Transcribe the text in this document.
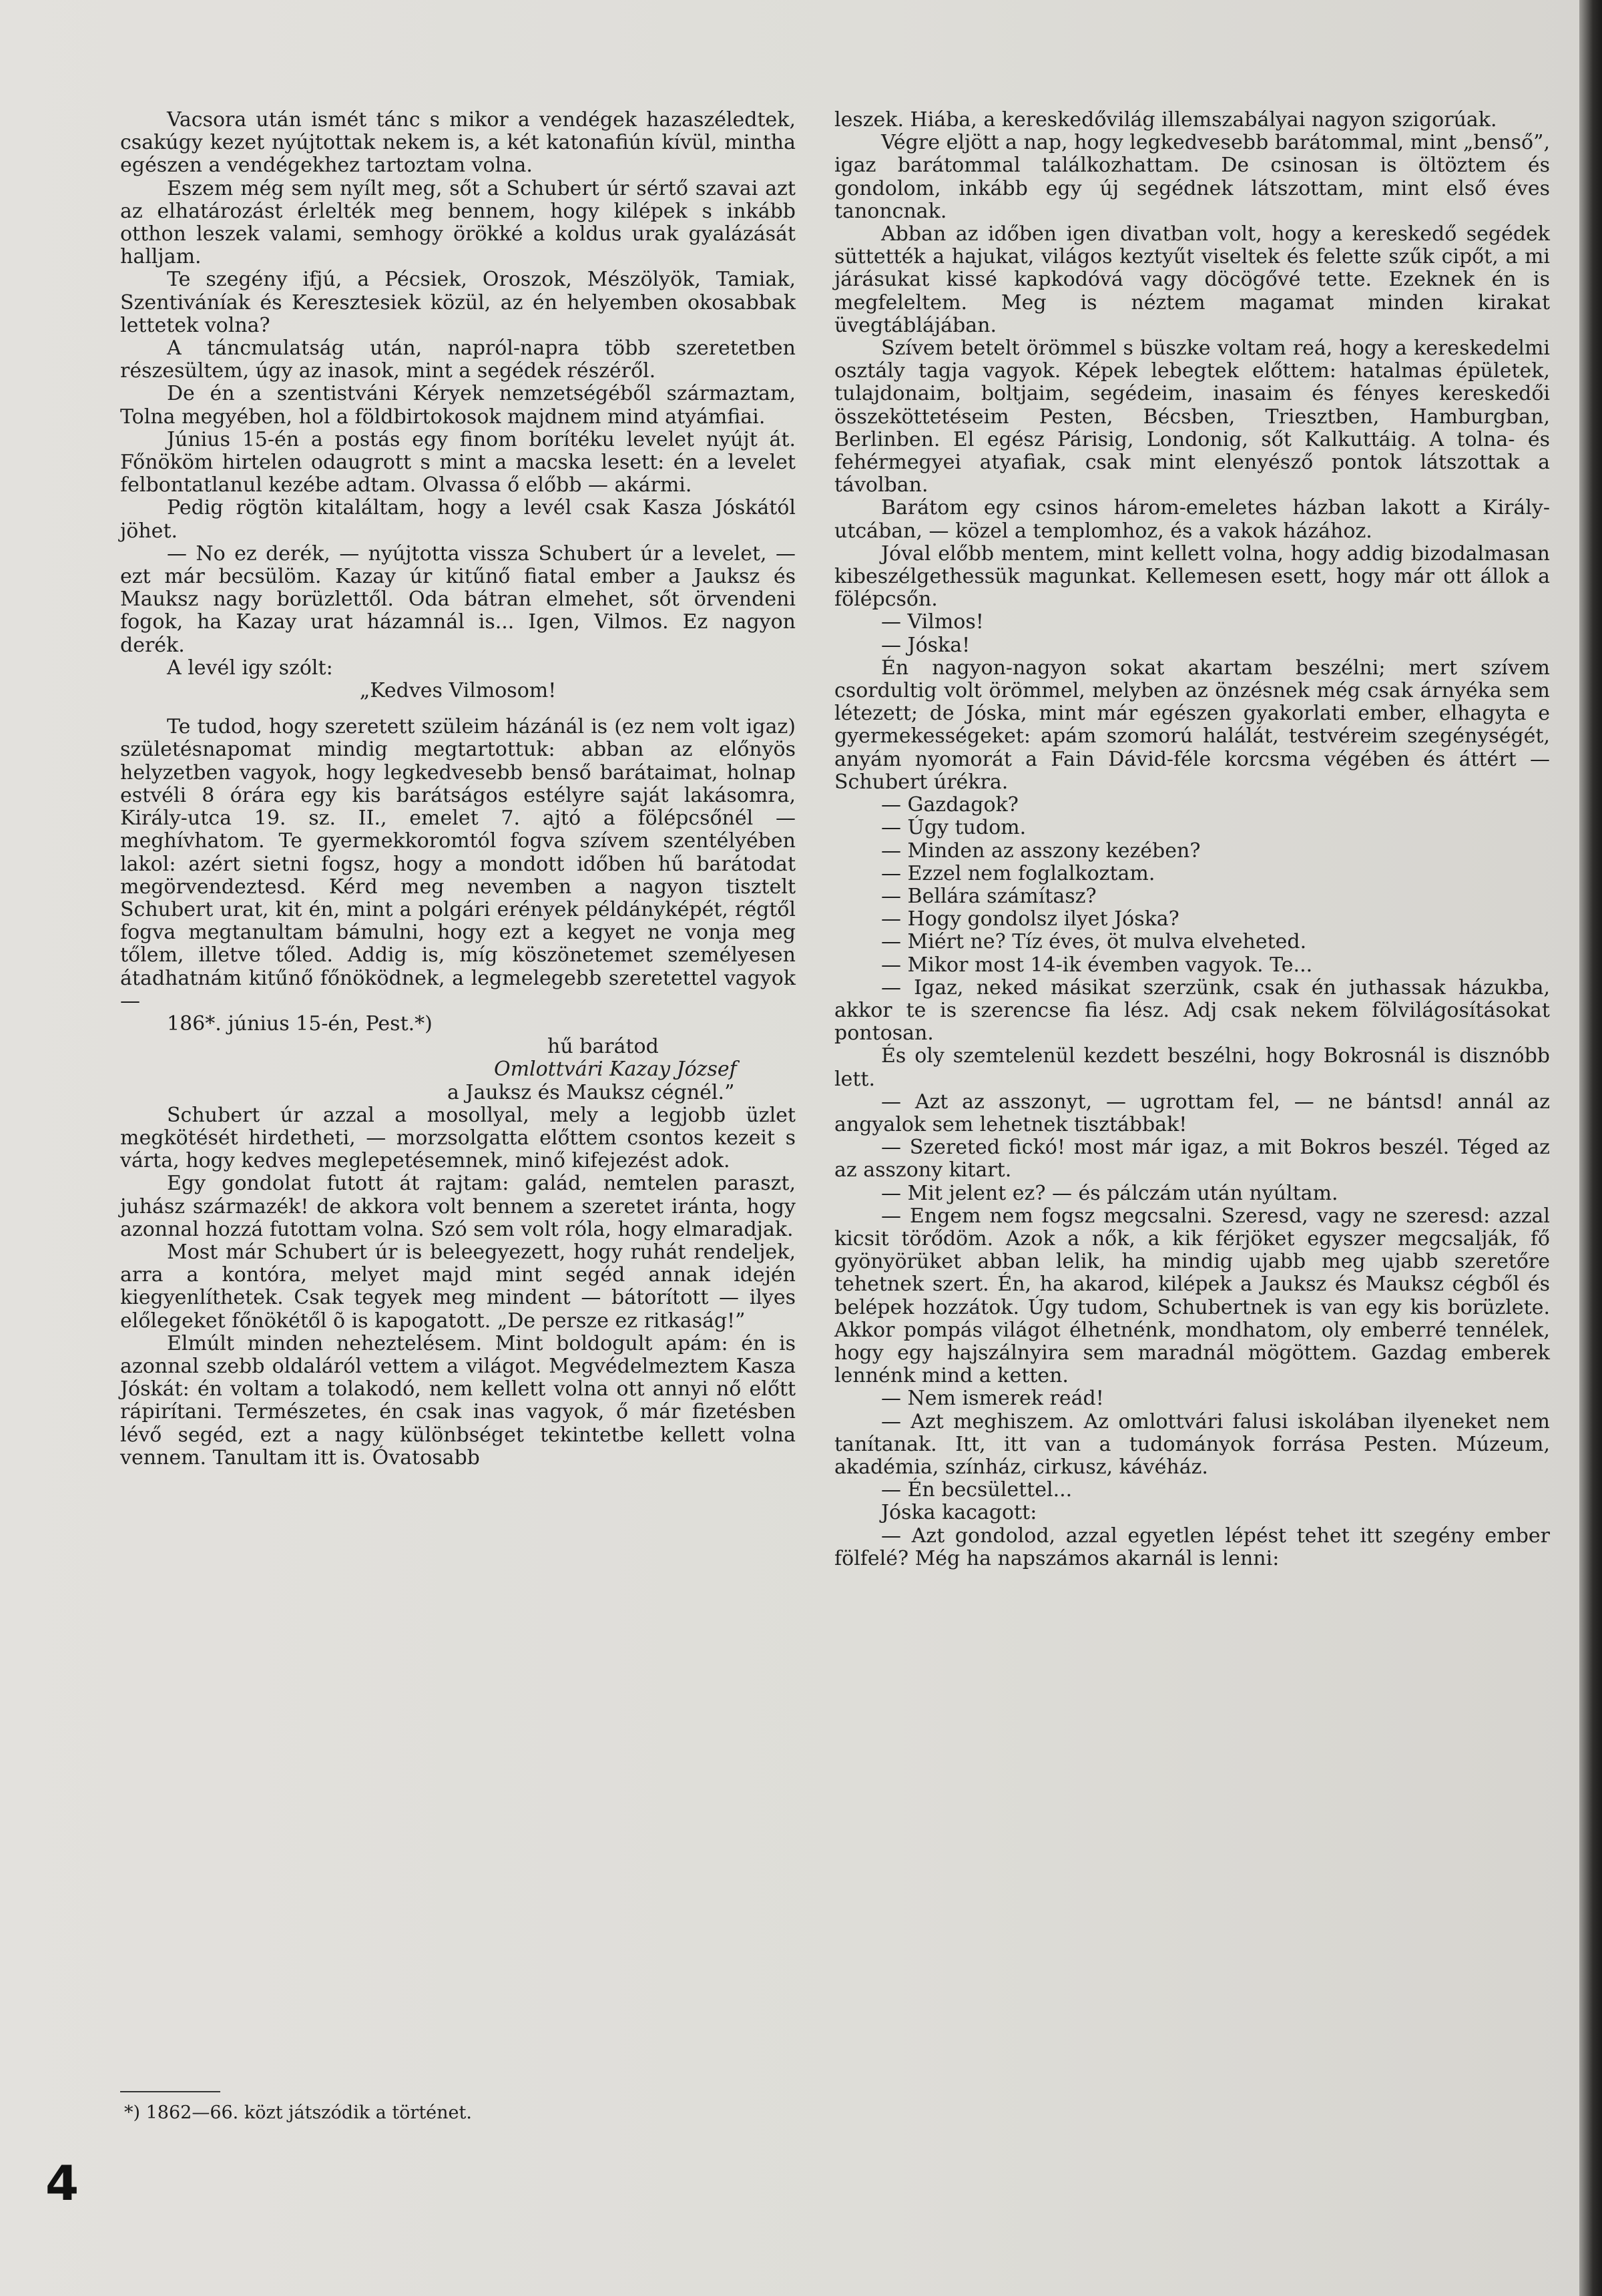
Vacsora után ismét tánc s mikor a vendégek hazaszéledtek, csakúgy kezet nyújtottak nekem is, a két katonafiún kívül, mintha egészen a vendégekhez tartoztam volna.

Eszem még sem nyílt meg, sőt a Schubert úr sértő szavai azt az elhatározást érlelték meg bennem, hogy kilépek s inkább otthon leszek valami, semhogy örökké a koldus urak gyalázását halljam.

Te szegény ifjú, a Pécsiek, Oroszok, Mészölyök, Tamiak, Szentiváníak és Keresztesiek közül, az én helyemben okosabbak lettetek volna?

A táncmulatság után, napról-napra több szeretetben részesültem, úgy az inasok, mint a segédek részéről.

De én a szentistváni Kéryek nemzetségéből származtam, Tolna megyében, hol a földbirtokosok majdnem mind atyámfiai.

Június 15-én a postás egy finom borítéku levelet nyújt át. Főnököm hirtelen odaugrott s mint a macska lesett: én a levelet felbontatlanul kezébe adtam. Olvassa ő előbb — akármi.

Pedig rögtön kitaláltam, hogy a levél csak Kasza Jóskától jöhet.

— No ez derék, — nyújtotta vissza Schubert úr a levelet, — ezt már becsülöm. Kazay úr kitűnő fiatal ember a Jauksz és Mauksz nagy borüzlettől. Oda bátran elmehet, sőt örvendeni fogok, ha Kazay urat házamnál is... Igen, Vilmos. Ez nagyon derék.

A levél igy szólt:

„Kedves Vilmosom!

Te tudod, hogy szeretett szüleim házánál is (ez nem volt igaz) születésnapomat mindig megtartottuk: abban az előnyös helyzetben vagyok, hogy legkedvesebb benső barátaimat, holnap estvéli 8 órára egy kis barátságos estélyre saját lakásomra, Király-utca 19. sz. II., emelet 7. ajtó a fölépcsőnél — meghívhatom. Te gyermekkoromtól fogva szívem szentélyében lakol: azért sietni fogsz, hogy a mondott időben hű barátodat megörvendeztesd. Kérd meg nevemben a nagyon tisztelt Schubert urat, kit én, mint a polgári erények példányképét, régtől fogva megtanultam bámulni, hogy ezt a kegyet ne vonja meg tőlem, illetve tőled. Addig is, míg köszönetemet személyesen átadhatnám kitűnő főnöködnek, a legmelegebb szeretettel vagyok —

186*. június 15-én, Pest.*)

hű barátod

Omlottvári Kazay József

a Jauksz és Mauksz cégnél.”

Schubert úr azzal a mosollyal, mely a legjobb üzlet megkötését hirdetheti, — morzsolgatta előttem csontos kezeit s várta, hogy kedves meglepetésemnek, minő kifejezést adok.

Egy gondolat futott át rajtam: galád, nemtelen paraszt, juhász származék! de akkora volt bennem a szeretet iránta, hogy azonnal hozzá futottam volna. Szó sem volt róla, hogy elmaradjak.

Most már Schubert úr is beleegyezett, hogy ruhát rendeljek, arra a kontóra, melyet majd mint segéd annak idején kiegyenlíthetek. Csak tegyek meg mindent — bátorított — ilyes előlegeket főnökétől õ is kapogatott. „De persze ez ritkaság!”

Elmúlt minden neheztelésem. Mint boldogult apám: én is azonnal szebb oldaláról vettem a világot. Megvédelmeztem Kasza Jóskát: én voltam a tolakodó, nem kellett volna ott annyi nő előtt rápirítani. Természetes, én csak inas vagyok, ő már fizetésben lévő segéd, ezt a nagy különbséget tekintetbe kellett volna vennem. Tanultam itt is. Óvatosabb

leszek. Hiába, a kereskedővilág illemszabályai nagyon szigorúak.

Végre eljött a nap, hogy legkedvesebb barátommal, mint „benső”, igaz barátommal találkozhattam. De csinosan is öltöztem és gondolom, inkább egy új segédnek látszottam, mint első éves tanoncnak.

Abban az időben igen divatban volt, hogy a kereskedő segédek süttették a hajukat, világos keztyűt viseltek és felette szűk cipőt, a mi járásukat kissé kapkodóvá vagy döcögővé tette. Ezeknek én is megfeleltem. Meg is néztem magamat minden kirakat üvegtáblájában.

Szívem betelt örömmel s büszke voltam reá, hogy a kereskedelmi osztály tagja vagyok. Képek lebegtek előttem: hatalmas épületek, tulajdonaim, boltjaim, segédeim, inasaim és fényes kereskedői összeköttetéseim Pesten, Bécsben, Triesztben, Hamburgban, Berlinben. El egész Párisig, Londonig, sőt Kalkuttáig. A tolna- és fehérmegyei atyafiak, csak mint elenyésző pontok látszottak a távolban.

Barátom egy csinos három-emeletes házban lakott a Király-utcában, — közel a templomhoz, és a vakok házához.

Jóval előbb mentem, mint kellett volna, hogy addig bizodalmasan kibeszélgethessük magunkat. Kellemesen esett, hogy már ott állok a fölépcsőn.

— Vilmos!

— Jóska!

Én nagyon-nagyon sokat akartam beszélni; mert szívem csordultig volt örömmel, melyben az önzésnek még csak árnyéka sem létezett; de Jóska, mint már egészen gyakorlati ember, elhagyta e gyermekességeket: apám szomorú halálát, testvéreim szegénységét, anyám nyomorát a Fain Dávid-féle korcsma végében és áttért — Schubert úrékra.

— Gazdagok?

— Úgy tudom.

— Minden az asszony kezében?

— Ezzel nem foglalkoztam.

— Bellára számítasz?

— Hogy gondolsz ilyet Jóska?

— Miért ne? Tíz éves, öt mulva elveheted.

— Mikor most 14-ik évemben vagyok. Te...

— Igaz, neked másikat szerzünk, csak én juthassak házukba, akkor te is szerencse fia lész. Adj csak nekem fölvilágosításokat pontosan.

És oly szemtelenül kezdett beszélni, hogy Bokrosnál is disznóbb lett.

— Azt az asszonyt, — ugrottam fel, — ne bántsd! annál az angyalok sem lehetnek tisztábbak!

— Szereted fickó! most már igaz, a mit Bokros beszél. Téged az az asszony kitart.

— Mit jelent ez? — és pálczám után nyúltam.

— Engem nem fogsz megcsalni. Szeresd, vagy ne szeresd: azzal kicsit törődöm. Azok a nők, a kik férjöket egyszer megcsalják, fő gyönyörüket abban lelik, ha mindig ujabb meg ujabb szeretőre tehetnek szert. Én, ha akarod, kilépek a Jauksz és Mauksz cégből és belépek hozzátok. Úgy tudom, Schubertnek is van egy kis borüzlete. Akkor pompás világot élhetnénk, mondhatom, oly emberré tennélek, hogy egy hajszálnyira sem maradnál mögöttem. Gazdag emberek lennénk mind a ketten.

— Nem ismerek reád!

— Azt meghiszem. Az omlottvári falusi iskolában ilyeneket nem tanítanak. Itt, itt van a tudományok forrása Pesten. Múzeum, akadémia, színház, cirkusz, kávéház.

— Én becsülettel...

Jóska kacagott:

— Azt gondolod, azzal egyetlen lépést tehet itt szegény ember fölfelé? Még ha napszámos akarnál is lenni:

*) 1862—66. közt játszódik a történet.
4
